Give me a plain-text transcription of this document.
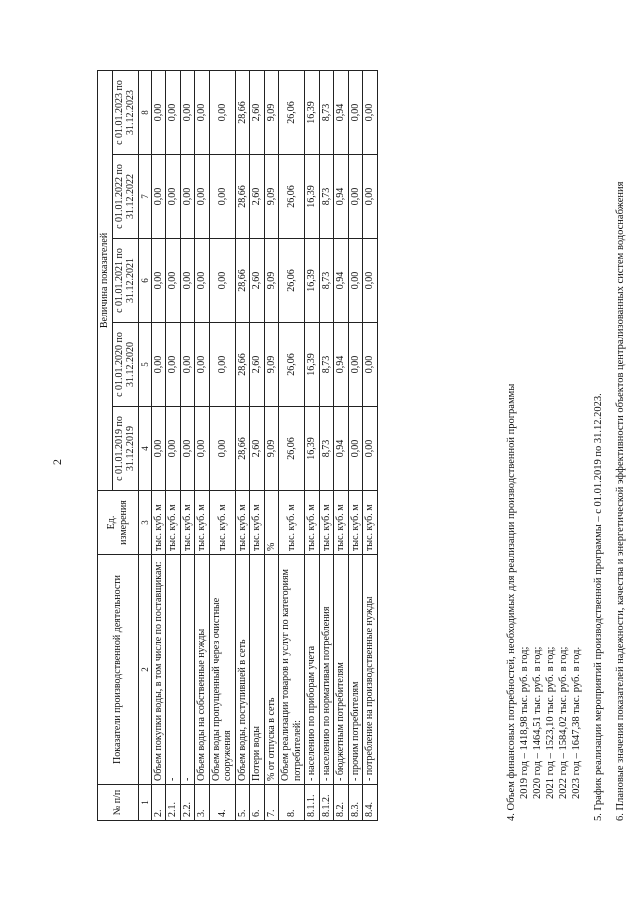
2
№ п/п	Показатели производственной деятельности	Ед. измерения	Величина показателей				
			с 01.01.2019 по 31.12.2019	с 01.01.2020 по 31.12.2020	с 01.01.2021 по 31.12.2021	с 01.01.2022 по 31.12.2022	с 01.01.2023 по 31.12.2023
1	2	3	4	5	6	7	8
2.	Объем покупки воды, в том числе по поставщикам:	тыс. куб. м	0,00	0,00	0,00	0,00	0,00
2.1.	-	тыс. куб. м	0,00	0,00	0,00	0,00	0,00
2.2.	-	тыс. куб. м	0,00	0,00	0,00	0,00	0,00
3.	Объем воды на собственные нужды	тыс. куб. м	0,00	0,00	0,00	0,00	0,00
4.	Объем воды пропущенный через очистные сооружения	тыс. куб. м	0,00	0,00	0,00	0,00	0,00
5.	Объем воды, поступившей в сеть	тыс. куб. м	28,66	28,66	28,66	28,66	28,66
6.	Потери воды	тыс. куб. м	2,60	2,60	2,60	2,60	2,60
7.	% от отпуска в сеть	%	9,09	9,09	9,09	9,09	9,09
8.	Объем реализации товаров и услуг по категориям потребителей:	тыс. куб. м	26,06	26,06	26,06	26,06	26,06
8.1.1.	- населению по приборам учета	тыс. куб. м	16,39	16,39	16,39	16,39	16,39
8.1.2.	- населению по нормативам потребления	тыс. куб. м	8,73	8,73	8,73	8,73	8,73
8.2.	- бюджетным потребителям	тыс. куб. м	0,94	0,94	0,94	0,94	0,94
8.3.	- прочим потребителям	тыс. куб. м	0,00	0,00	0,00	0,00	0,00
8.4.	- потребление на производственные нужды	тыс. куб. м	0,00	0,00	0,00	0,00	0,00

4. Объем финансовых потребностей, необходимых для реализации производственной программы 2019 год – 1418,98 тыс. руб. в год; 2020 год – 1464,51 тыс. руб. в год; 2021 год – 1523,10 тыс. руб. в год; 2022 год – 1584,02 тыс. руб. в год; 2023 год – 1647,38 тыс. руб. в год. 5. График реализации мероприятий производственной программы – с 01.01.2019 по 31.12.2023. 6. Плановые значения показателей надежности, качества и энергетической эффективности объектов централизованных систем водоснабжения
